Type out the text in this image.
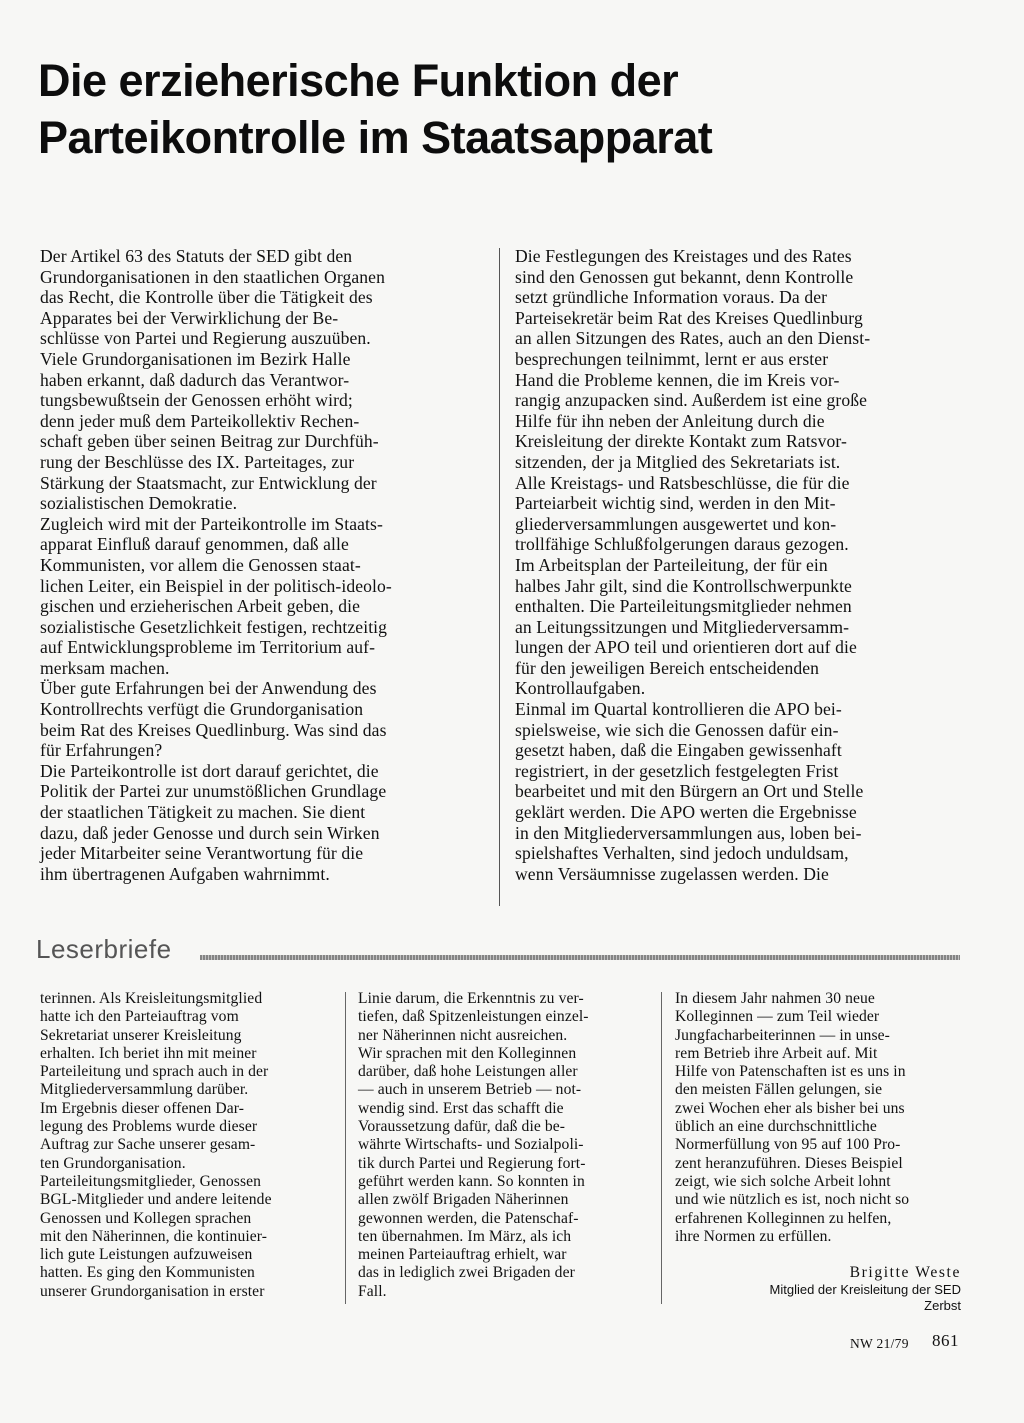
Die erzieherische Funktion der
Parteikontrolle im Staatsapparat
Der Artikel 63 des Statuts der SED gibt den
Grundorganisationen in den staatlichen Organen
das Recht, die Kontrolle über die Tätigkeit des
Apparates bei der Verwirklichung der Be-
schlüsse von Partei und Regierung auszuüben.
Viele Grundorganisationen im Bezirk Halle
haben erkannt, daß dadurch das Verantwor-
tungsbewußtsein der Genossen erhöht wird;
denn jeder muß dem Parteikollektiv Rechen-
schaft geben über seinen Beitrag zur Durchfüh-
rung der Beschlüsse des IX. Parteitages, zur
Stärkung der Staatsmacht, zur Entwicklung der
sozialistischen Demokratie.
Zugleich wird mit der Parteikontrolle im Staats-
apparat Einfluß darauf genommen, daß alle
Kommunisten, vor allem die Genossen staat-
lichen Leiter, ein Beispiel in der politisch-ideolo-
gischen und erzieherischen Arbeit geben, die
sozialistische Gesetzlichkeit festigen, rechtzeitig
auf Entwicklungsprobleme im Territorium auf-
merksam machen.
Über gute Erfahrungen bei der Anwendung des
Kontrollrechts verfügt die Grundorganisation
beim Rat des Kreises Quedlinburg. Was sind das
für Erfahrungen?
Die Parteikontrolle ist dort darauf gerichtet, die
Politik der Partei zur unumstößlichen Grundlage
der staatlichen Tätigkeit zu machen. Sie dient
dazu, daß jeder Genosse und durch sein Wirken
jeder Mitarbeiter seine Verantwortung für die
ihm übertragenen Aufgaben wahrnimmt.
Die Festlegungen des Kreistages und des Rates
sind den Genossen gut bekannt, denn Kontrolle
setzt gründliche Information voraus. Da der
Parteisekretär beim Rat des Kreises Quedlinburg
an allen Sitzungen des Rates, auch an den Dienst-
besprechungen teilnimmt, lernt er aus erster
Hand die Probleme kennen, die im Kreis vor-
rangig anzupacken sind. Außerdem ist eine große
Hilfe für ihn neben der Anleitung durch die
Kreisleitung der direkte Kontakt zum Ratsvor-
sitzenden, der ja Mitglied des Sekretariats ist.
Alle Kreistags- und Ratsbeschlüsse, die für die
Parteiarbeit wichtig sind, werden in den Mit-
gliederversammlungen ausgewertet und kon-
trollfähige Schlußfolgerungen daraus gezogen.
Im Arbeitsplan der Parteileitung, der für ein
halbes Jahr gilt, sind die Kontrollschwerpunkte
enthalten. Die Parteileitungsmitglieder nehmen
an Leitungssitzungen und Mitgliederversamm-
lungen der APO teil und orientieren dort auf die
für den jeweiligen Bereich entscheidenden
Kontrollaufgaben.
Einmal im Quartal kontrollieren die APO bei-
spielsweise, wie sich die Genossen dafür ein-
gesetzt haben, daß die Eingaben gewissenhaft
registriert, in der gesetzlich festgelegten Frist
bearbeitet und mit den Bürgern an Ort und Stelle
geklärt werden. Die APO werten die Ergebnisse
in den Mitgliederversammlungen aus, loben bei-
spielshaftes Verhalten, sind jedoch unduldsam,
wenn Versäumnisse zugelassen werden. Die
Leserbriefe
terinnen. Als Kreisleitungsmitglied
hatte ich den Parteiauftrag vom
Sekretariat unserer Kreisleitung
erhalten. Ich beriet ihn mit meiner
Parteileitung und sprach auch in der
Mitgliederversammlung darüber.
Im Ergebnis dieser offenen Dar-
legung des Problems wurde dieser
Auftrag zur Sache unserer gesam-
ten Grundorganisation.
Parteileitungsmitglieder, Genossen
BGL-Mitglieder und andere leitende
Genossen und Kollegen sprachen
mit den Näherinnen, die kontinuier-
lich gute Leistungen aufzuweisen
hatten. Es ging den Kommunisten
unserer Grundorganisation in erster
Linie darum, die Erkenntnis zu ver-
tiefen, daß Spitzenleistungen einzel-
ner Näherinnen nicht ausreichen.
Wir sprachen mit den Kolleginnen
darüber, daß hohe Leistungen aller
— auch in unserem Betrieb — not-
wendig sind. Erst das schafft die
Voraussetzung dafür, daß die be-
währte Wirtschafts- und Sozialpoli-
tik durch Partei und Regierung fort-
geführt werden kann. So konnten in
allen zwölf Brigaden Näherinnen
gewonnen werden, die Patenschaf-
ten übernahmen. Im März, als ich
meinen Parteiauftrag erhielt, war
das in lediglich zwei Brigaden der
Fall.
In diesem Jahr nahmen 30 neue
Kolleginnen — zum Teil wieder
Jungfacharbeiterinnen — in unse-
rem Betrieb ihre Arbeit auf. Mit
Hilfe von Patenschaften ist es uns in
den meisten Fällen gelungen, sie
zwei Wochen eher als bisher bei uns
üblich an eine durchschnittliche
Normerfüllung von 95 auf 100 Pro-
zent heranzuführen. Dieses Beispiel
zeigt, wie sich solche Arbeit lohnt
und wie nützlich es ist, noch nicht so
erfahrenen Kolleginnen zu helfen,
ihre Normen zu erfüllen.
Brigitte Weste
Mitglied der Kreisleitung der SED
Zerbst
NW 21/79 861
